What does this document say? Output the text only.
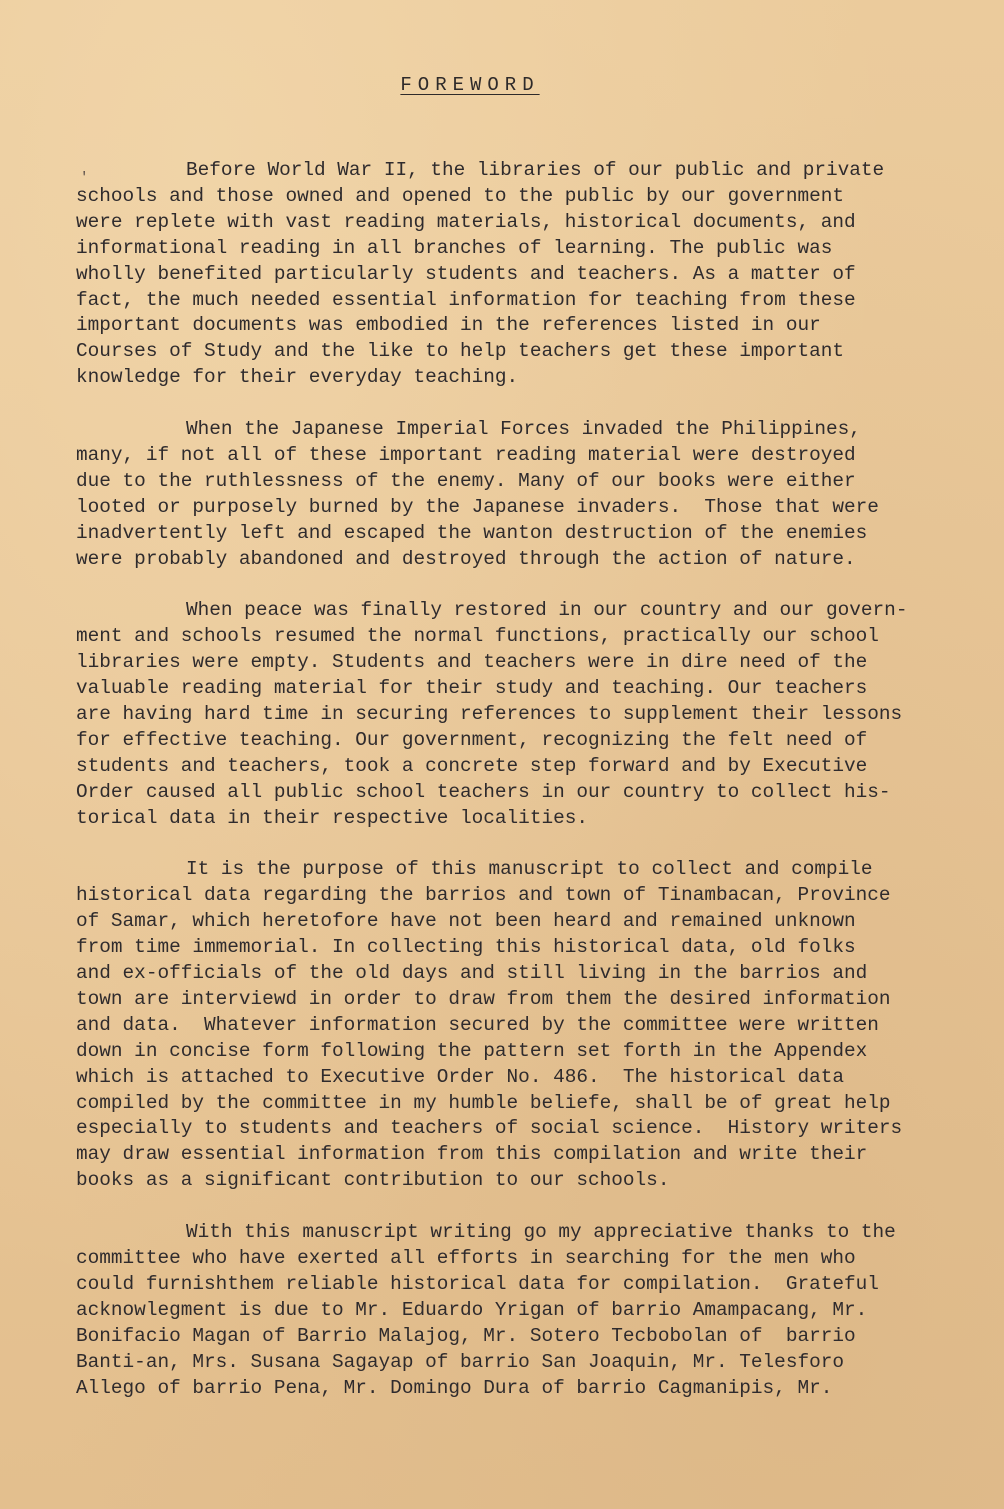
FOREWORD
'	Before World War II, the libraries of our public and private
schools and those owned and opened to the public by our government
were replete with vast reading materials, historical documents, and
informational reading in all branches of learning. The public was
wholly benefited particularly students and teachers. As a matter of
fact, the much needed essential information for teaching from these
important documents was embodied in the references listed in our
Courses of Study and the like to help teachers get these important
knowledge for their everyday teaching.
When the Japanese Imperial Forces invaded the Philippines,
many, if not all of these important reading material were destroyed
due to the ruthlessness of the enemy. Many of our books were either
looted or purposely burned by the Japanese invaders.  Those that were
inadvertently left and escaped the wanton destruction of the enemies
were probably abandoned and destroyed through the action of nature.
When peace was finally restored in our country and our govern-
ment and schools resumed the normal functions, practically our school
libraries were empty. Students and teachers were in dire need of the
valuable reading material for their study and teaching. Our teachers
are having hard time in securing references to supplement their lessons
for effective teaching. Our government, recognizing the felt need of
students and teachers, took a concrete step forward and by Executive
Order caused all public school teachers in our country to collect his-
torical data in their respective localities.
It is the purpose of this manuscript to collect and compile
historical data regarding the barrios and town of Tinambacan, Province
of Samar, which heretofore have not been heard and remained unknown
from time immemorial. In collecting this historical data, old folks
and ex-officials of the old days and still living in the barrios and
town are interviewd in order to draw from them the desired information
and data.  Whatever information secured by the committee were written
down in concise form following the pattern set forth in the Appendex
which is attached to Executive Order No. 486.  The historical data
compiled by the committee in my humble beliefe, shall be of great help
especially to students and teachers of social science.  History writers
may draw essential information from this compilation and write their
books as a significant contribution to our schools.
With this manuscript writing go my appreciative thanks to the
committee who have exerted all efforts in searching for the men who
could furnishthem reliable historical data for compilation.  Grateful
acknowlegment is due to Mr. Eduardo Yrigan of barrio Amampacang, Mr.
Bonifacio Magan of Barrio Malajog, Mr. Sotero Tecbobolan of  barrio
Banti-an, Mrs. Susana Sagayap of barrio San Joaquin, Mr. Telesforo
Allego of barrio Pena, Mr. Domingo Dura of barrio Cagmanipis, Mr.
